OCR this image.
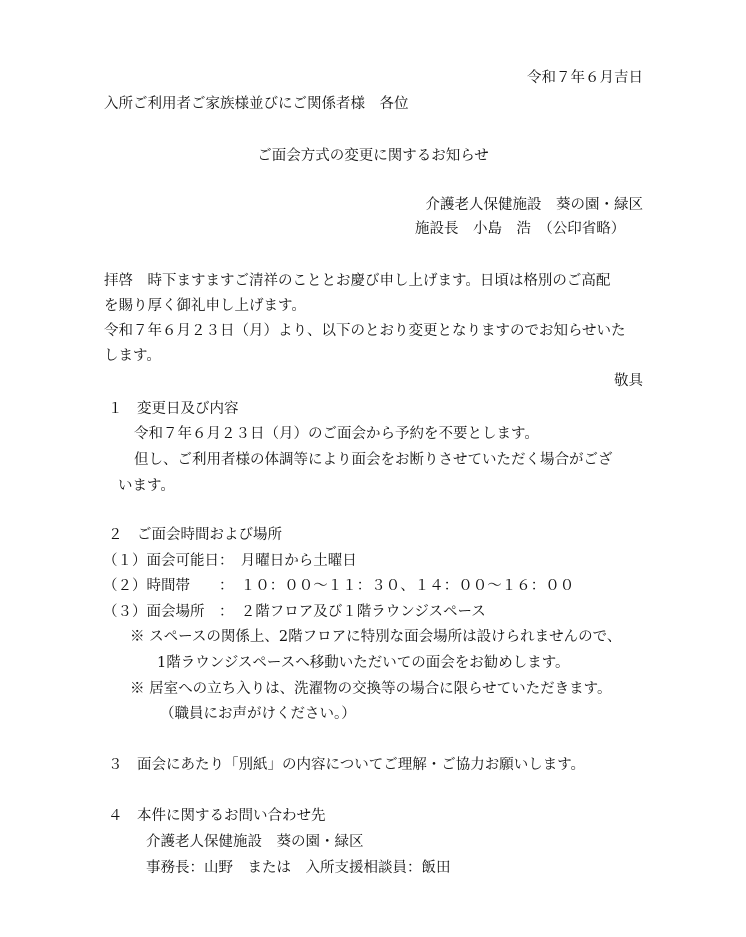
令和７年６月吉日
入所ご利用者ご家族様並びにご関係者様　各位
ご面会方式の変更に関するお知らせ
介護老人保健施設　葵の園・緑区
施設長　小島　浩　（公印省略）
拝啓　時下ますますご清祥のこととお慶び申し上げます。日頃は格別のご高配
を賜り厚く御礼申し上げます。
令和７年６月２３日（月）より、以下のとおり変更となりますのでお知らせいた
します。
敬具
１　変更日及び内容
令和７年６月２３日（月）のご面会から予約を不要とします。
但し、ご利用者様の体調等により面会をお断りさせていただく場合がござ
います。
２　ご面会時間および場所
（１）面会可能日：　月曜日から土曜日
（２）時間帯　　：　１０：００～１１：３０、１４：００～１６：００
（３）面会場所　：　２階フロア及び１階ラウンジスペース
※ スペースの関係上、2階フロアに特別な面会場所は設けられませんので、
1階ラウンジスペースへ移動いただいての面会をお勧めします。
※ 居室への立ち入りは、洗濯物の交換等の場合に限らせていただきます。
（職員にお声がけください。）
３　面会にあたり「別紙」の内容についてご理解・ご協力お願いします。
４　本件に関するお問い合わせ先
介護老人保健施設　葵の園・緑区
事務長：山野　または　入所支援相談員：飯田
